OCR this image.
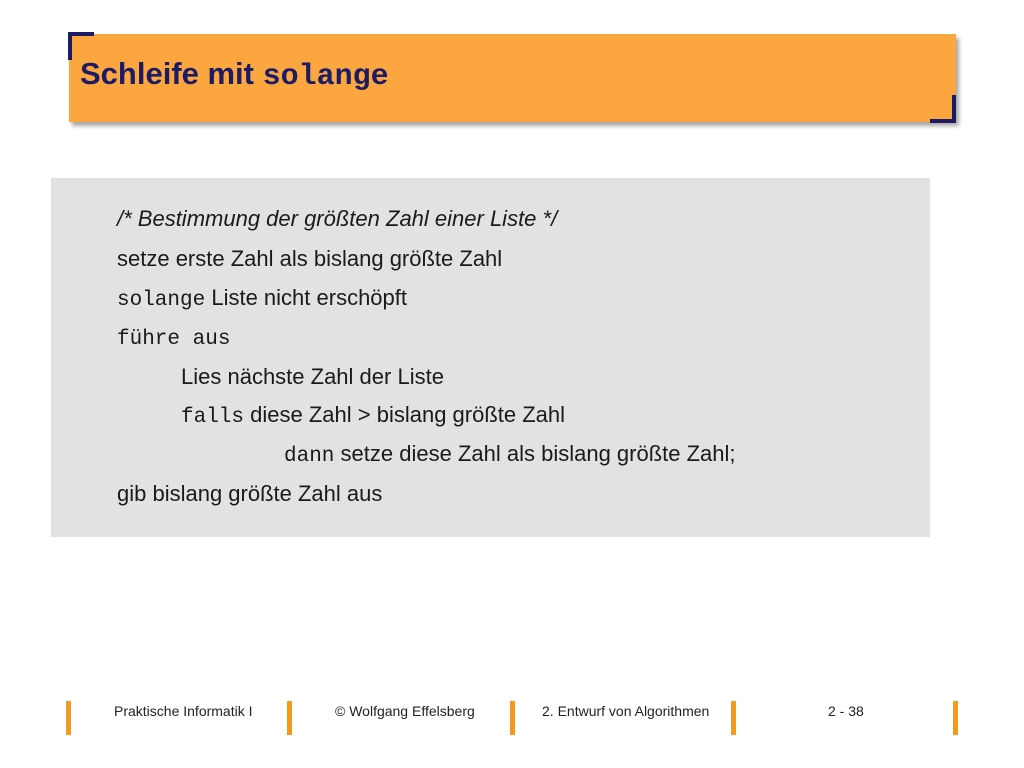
Schleife mit solange
/* Bestimmung der größten Zahl einer Liste */
setze erste Zahl als bislang größte Zahl
solange Liste nicht erschöpft
führe aus
Lies nächste Zahl der Liste
falls diese Zahl > bislang größte Zahl
dann setze diese Zahl als bislang größte Zahl;
gib bislang größte Zahl aus
Praktische Informatik I	© Wolfgang Effelsberg	2. Entwurf von Algorithmen	2 - 38
